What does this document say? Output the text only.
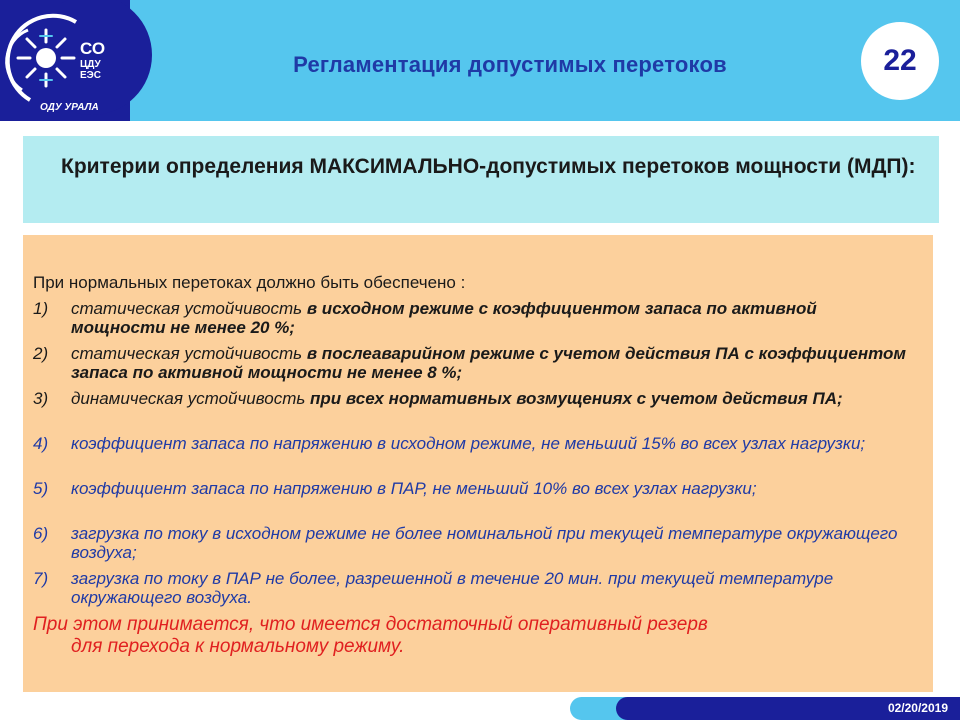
СО
ЦДУ
ЕЭС
ОДУ УРАЛА
Регламентация допустимых перетоков	22
Критерии определения МАКСИМАЛЬНО-допустимых перетоков мощности (МДП):
При нормальных перетоках должно быть обеспечено :
1) статическая устойчивость в исходном режиме с коэффициентом запаса по активной мощности не менее 20 %;
2) статическая устойчивость в послеаварийном режиме с учетом действия ПА с коэффициентом запаса по активной мощности не менее 8 %;
3) динамическая устойчивость при всех нормативных возмущениях с учетом действия ПА;
4) коэффициент запаса по напряжению в исходном режиме, не меньший 15% во всех узлах нагрузки;
5) коэффициент запаса по напряжению в ПАР, не меньший 10% во всех узлах нагрузки;
6) загрузка по току в исходном режиме не более номинальной при текущей температуре окружающего воздуха;
7) загрузка по току в ПАР не более, разрешенной в течение 20 мин. при текущей температуре окружающего воздуха.
При этом принимается, что имеется достаточный оперативный резерв
для перехода к нормальному режиму.
02/20/2019
